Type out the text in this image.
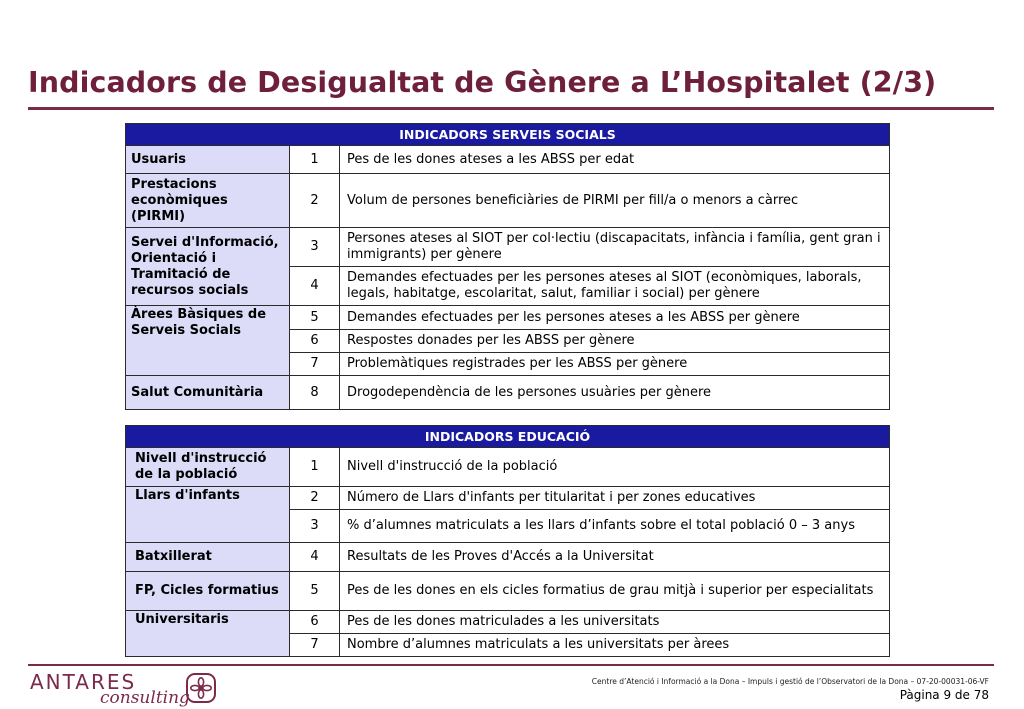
Indicadors de Desigualtat de Gènere a L’Hospitalet (2/3)
INDICADORS SERVEIS SOCIALS		
Usuaris	1	Pes de les dones ateses a les ABSS per edat
Prestacions econòmiques (PIRMI)	2	Volum de persones beneficiàries de PIRMI per fill/a o menors a càrrec
Servei d'Informació, Orientació i Tramitació de recursos socials	3	Persones ateses al SIOT per col·lectiu (discapacitats, infància i família, gent gran i immigrants) per gènere
	4	Demandes efectuades per les persones ateses al SIOT (econòmiques, laborals, legals, habitatge, escolaritat, salut, familiar i social) per gènere
Àrees Bàsiques de Serveis Socials	5	Demandes efectuades per les persones ateses a les ABSS per gènere
	6	Respostes donades per les ABSS per gènere
	7	Problemàtiques registrades per les ABSS per gènere
Salut Comunitària	8	Drogodependència de les persones usuàries per gènere
INDICADORS EDUCACIÓ		
Nivell d'instrucció de la població	1	Nivell d'instrucció de la població
Llars d'infants	2	Número de Llars d'infants per titularitat i per zones educatives
	3	% d’alumnes matriculats a les llars d’infants sobre el total població 0 – 3 anys
Batxillerat	4	Resultats de les Proves d'Accés a la Universitat
FP, Cicles formatius	5	Pes de les dones en els cicles formatius de grau mitjà i superior per especialitats
Universitaris	6	Pes de les dones matriculades a les universitats
	7	Nombre d’alumnes matriculats a les universitats per àrees
ANTARES
consulting
Centre d’Atenció i Informació a la Dona – Impuls i gestió de l’Observatori de la Dona – 07-20-00031-06-VF
Pàgina 9 de 78
